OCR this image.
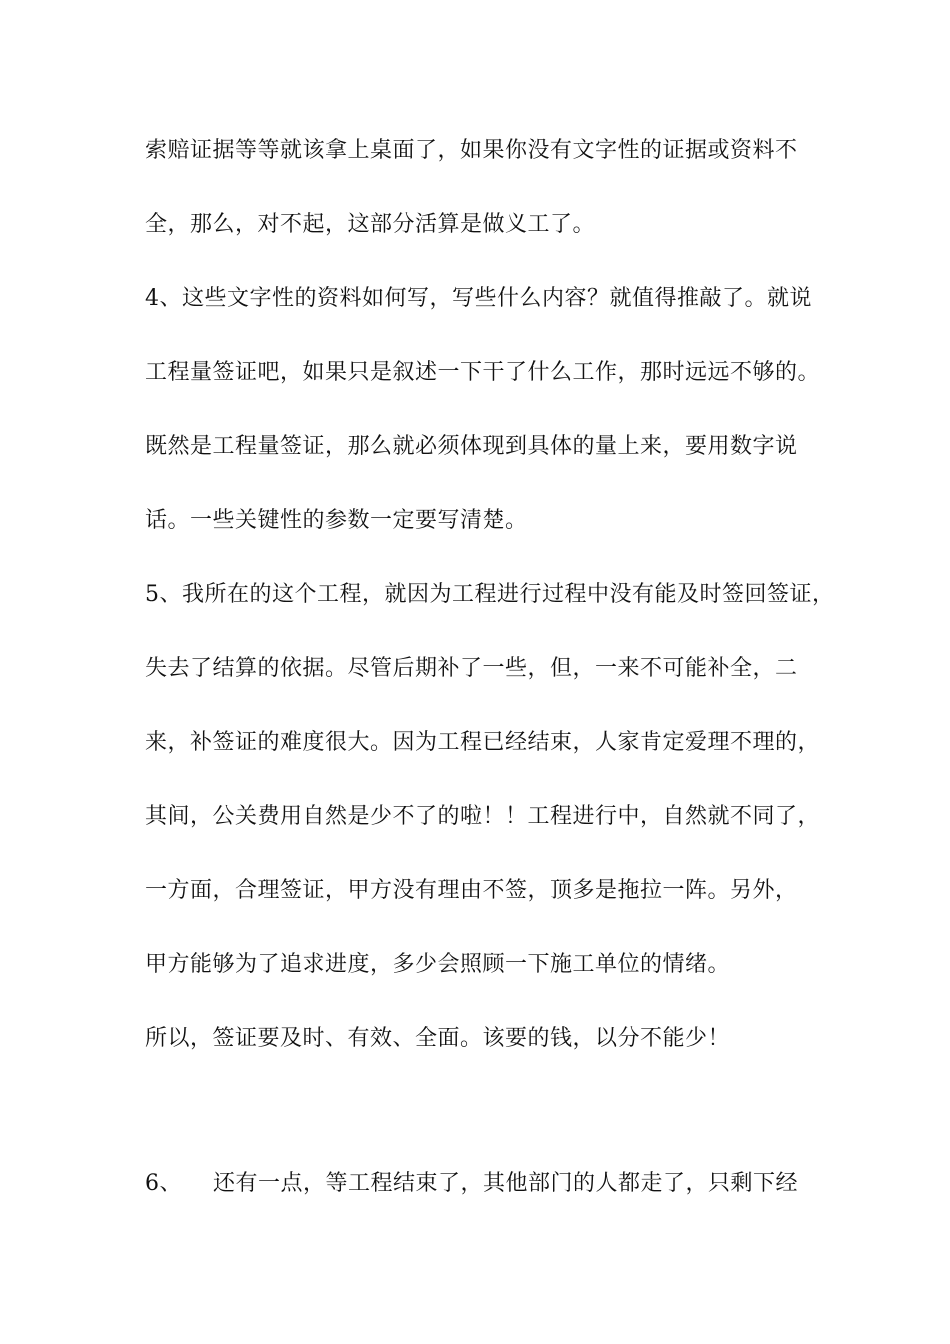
索赔证据等等就该拿上桌面了，如果你没有文字性的证据或资料不
全，那么，对不起，这部分活算是做义工了。
4、这些文字性的资料如何写，写些什么内容？就值得推敲了。就说
工程量签证吧，如果只是叙述一下干了什么工作，那时远远不够的。
既然是工程量签证，那么就必须体现到具体的量上来，要用数字说
话。一些关键性的参数一定要写清楚。
5、我所在的这个工程，就因为工程进行过程中没有能及时签回签证，
失去了结算的依据。尽管后期补了一些，但，一来不可能补全，二
来，补签证的难度很大。因为工程已经结束，人家肯定爱理不理的，
其间，公关费用自然是少不了的啦！！工程进行中，自然就不同了，
一方面，合理签证，甲方没有理由不签，顶多是拖拉一阵。另外，
甲方能够为了追求进度，多少会照顾一下施工单位的情绪。
所以，签证要及时、有效、全面。该要的钱，以分不能少！
6、 还有一点，等工程结束了，其他部门的人都走了，只剩下经
